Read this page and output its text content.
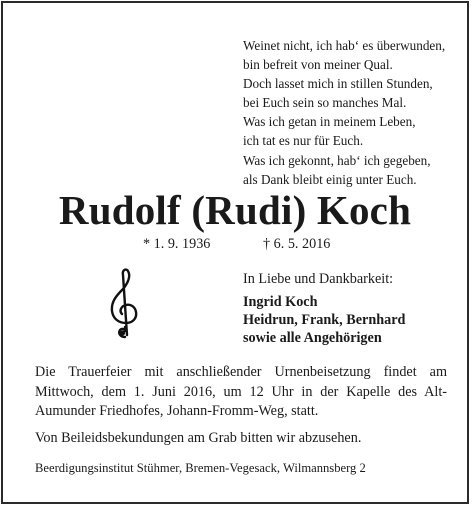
Weinet nicht, ich hab‘ es überwunden,
bin befreit von meiner Qual.
Doch lasset mich in stillen Stunden,
bei Euch sein so manches Mal.
Was ich getan in meinem Leben,
ich tat es nur für Euch.
Was ich gekonnt, hab‘ ich gegeben,
als Dank bleibt einig unter Euch.
Rudolf (Rudi) Koch
* 1. 9. 1936	† 6. 5. 2016
In Liebe und Dankbarkeit:
Ingrid Koch
Heidrun, Frank, Bernhard
sowie alle Angehörigen
Die Trauerfeier mit anschließender Urnenbeisetzung findet am Mittwoch, dem 1. Juni 2016, um 12 Uhr in der Kapelle des Alt-Aumunder Friedhofes, Johann-Fromm-Weg, statt.
Von Beileidsbekundungen am Grab bitten wir abzusehen.
Beerdigungsinstitut Stühmer, Bremen-Vegesack, Wilmannsberg 2
